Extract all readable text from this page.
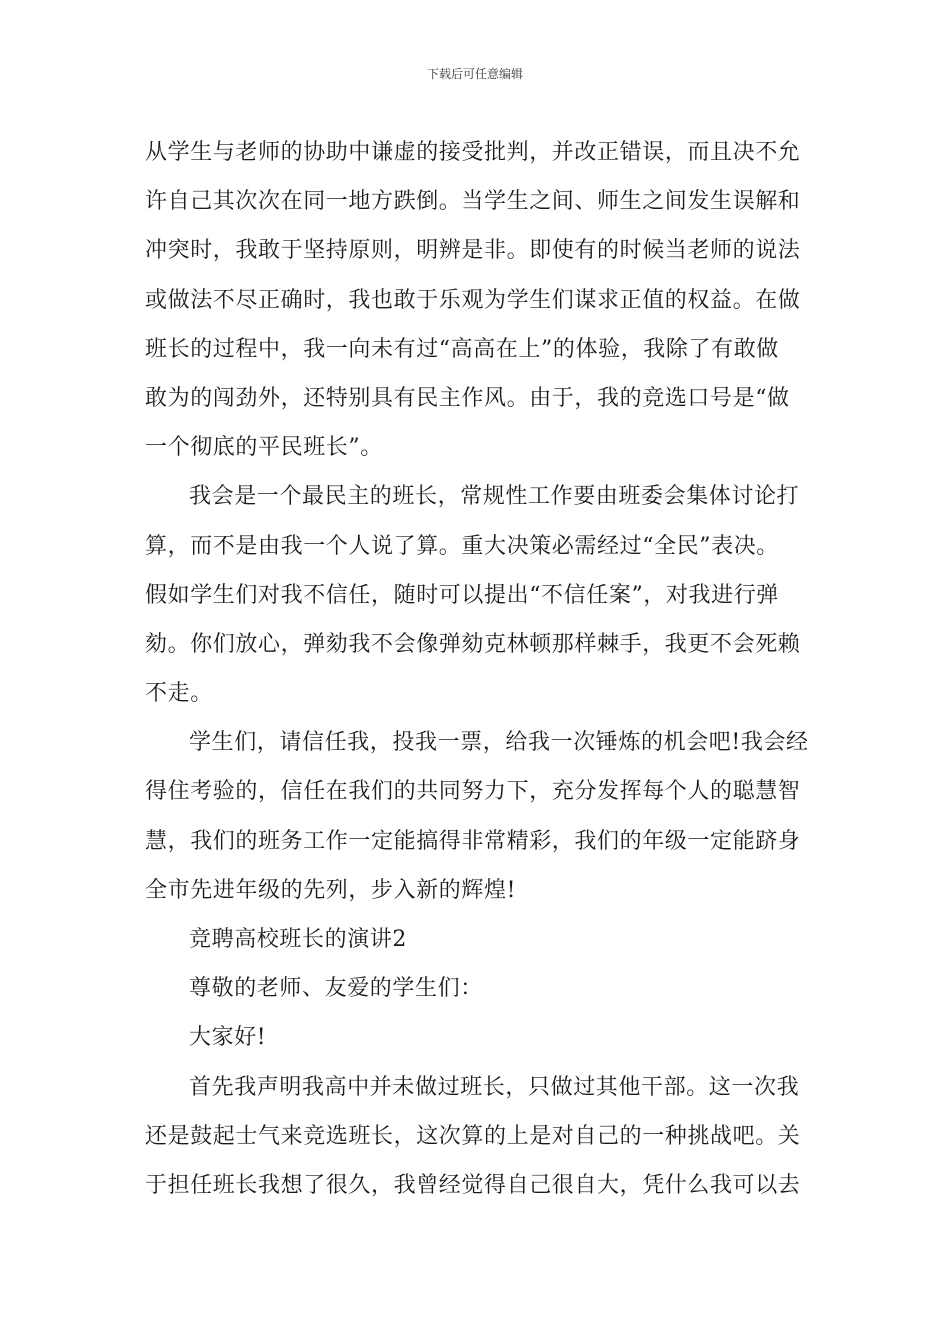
下载后可任意编辑
从学生与老师的协助中谦虚的接受批判，并改正错误，而且决不允
许自己其次次在同一地方跌倒。当学生之间、师生之间发生误解和
冲突时，我敢于坚持原则，明辨是非。即使有的时候当老师的说法
或做法不尽正确时，我也敢于乐观为学生们谋求正值的权益。在做
班长的过程中，我一向未有过“高高在上”的体验，我除了有敢做
敢为的闯劲外，还特别具有民主作风。由于，我的竞选口号是“做
一个彻底的平民班长”。
我会是一个最民主的班长，常规性工作要由班委会集体讨论打
算，而不是由我一个人说了算。重大决策必需经过“全民”表决。
假如学生们对我不信任，随时可以提出“不信任案”，对我进行弹
劾。你们放心，弹劾我不会像弹劾克林顿那样棘手，我更不会死赖
不走。
学生们，请信任我，投我一票，给我一次锤炼的机会吧!我会经
得住考验的，信任在我们的共同努力下，充分发挥每个人的聪慧智
慧，我们的班务工作一定能搞得非常精彩，我们的年级一定能跻身
全市先进年级的先列，步入新的辉煌!
竞聘高校班长的演讲2
尊敬的老师、友爱的学生们：
大家好!
首先我声明我高中并未做过班长，只做过其他干部。这一次我
还是鼓起士气来竞选班长，这次算的上是对自己的一种挑战吧。关
于担任班长我想了很久，我曾经觉得自己很自大，凭什么我可以去
